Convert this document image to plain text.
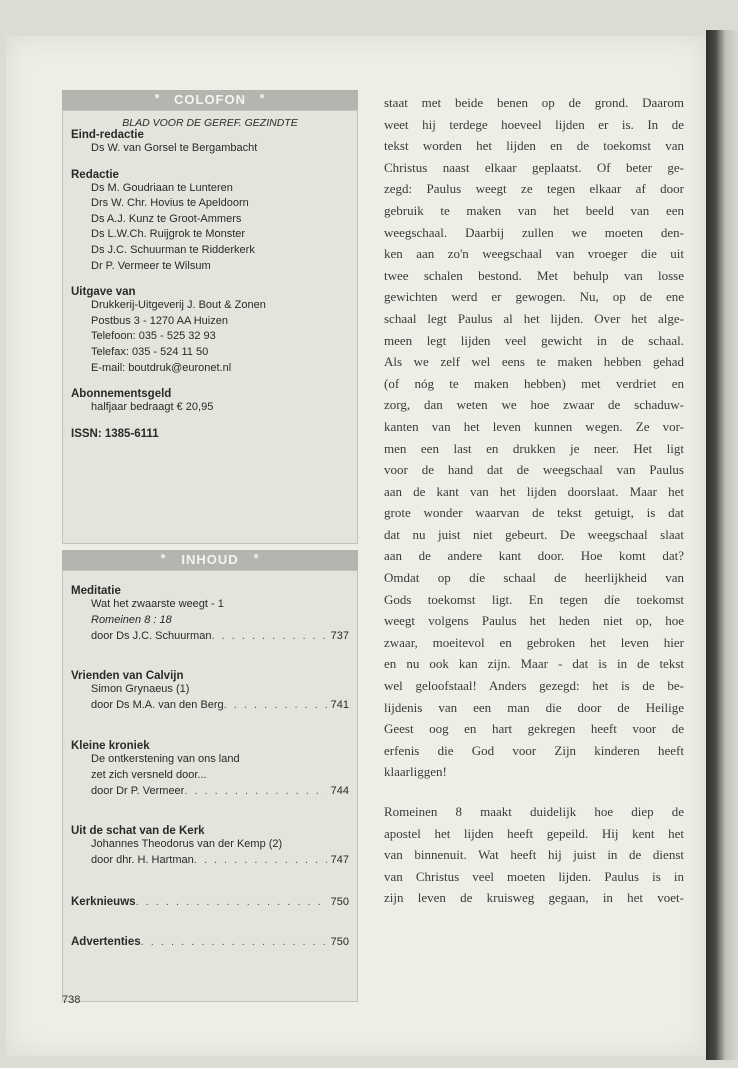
● COLOFON ●

BLAD VOOR DE GEREF. GEZINDTE

Eind-redactie

Ds W. van Gorsel te Bergambacht

Redactie

Ds M. Goudriaan te Lunteren
Drs W. Chr. Hovius te Apeldoorn
Ds A.J. Kunz te Groot-Ammers
Ds L.W.Ch. Ruijgrok te Monster
Ds J.C. Schuurman te Ridderkerk
Dr P. Vermeer te Wilsum

Uitgave van

Drukkerij-Uitgeverij J. Bout & Zonen
Postbus 3 - 1270 AA Huizen
Telefoon: 035 - 525 32 93
Telefax: 035 - 524 11 50
E-mail: boutdruk@euronet.nl

Abonnementsgeld

halfjaar bedraagt € 20,95

ISSN: 1385-6111

● INHOUD ●
Meditatie
Wat het zwaarste weegt - 1
Romeinen 8 : 18
door Ds J.C. Schuurman . . .	737
Vrienden van Calvijn
Simon Grynaeus (1)
door Ds M.A. van den Berg . . .	741
Kleine kroniek
De ontkerstening van ons land
zet zich versneld door...
door Dr P. Vermeer . . .	744
Uit de schat van de Kerk
Johannes Theodorus van der Kemp (2)
door dhr. H. Hartman . . .	747
Kerknieuws . . .	750
Advertenties . . .	750
staat met beide benen op de grond. Daarom
weet hij terdege hoeveel lijden er is. In de
tekst worden het lijden en de toekomst van
Christus naast elkaar geplaatst. Of beter ge-
zegd: Paulus weegt ze tegen elkaar af door
gebruik te maken van het beeld van een
weegschaal. Daarbij zullen we moeten den-
ken aan zo'n weegschaal van vroeger die uit
twee schalen bestond. Met behulp van losse
gewichten werd er gewogen. Nu, op de ene
schaal legt Paulus al het lijden. Over het alge-
meen legt lijden veel gewicht in de schaal.
Als we zelf wel eens te maken hebben gehad
(of nóg te maken hebben) met verdriet en
zorg, dan weten we hoe zwaar de schaduw-
kanten van het leven kunnen wegen. Ze vor-
men een last en drukken je neer. Het ligt
voor de hand dat de weegschaal van Paulus
aan de kant van het lijden doorslaat. Maar het
grote wonder waarvan de tekst getuigt, is dat
dat nu juist niet gebeurt. De weegschaal slaat
aan de andere kant door. Hoe komt dat?
Omdat op díe schaal de heerlijkheid van
Gods toekomst ligt. En tegen díe toekomst
weegt volgens Paulus het heden niet op, hoe
zwaar, moeitevol en gebroken het leven hier
en nu ook kan zijn. Maar - dat is in de tekst
wel geloofstaal! Anders gezegd: het is de be-
lijdenis van een man die door de Heilige
Geest oog en hart gekregen heeft voor de
erfenis die God voor Zijn kinderen heeft
klaarliggen!
Romeinen 8 maakt duidelijk hoe diep de
apostel het lijden heeft gepeild. Hij kent het
van binnenuit. Wat heeft hij juist in de dienst
van Christus veel moeten lijden. Paulus is in
zijn leven de kruisweg gegaan, in het voet-
738
